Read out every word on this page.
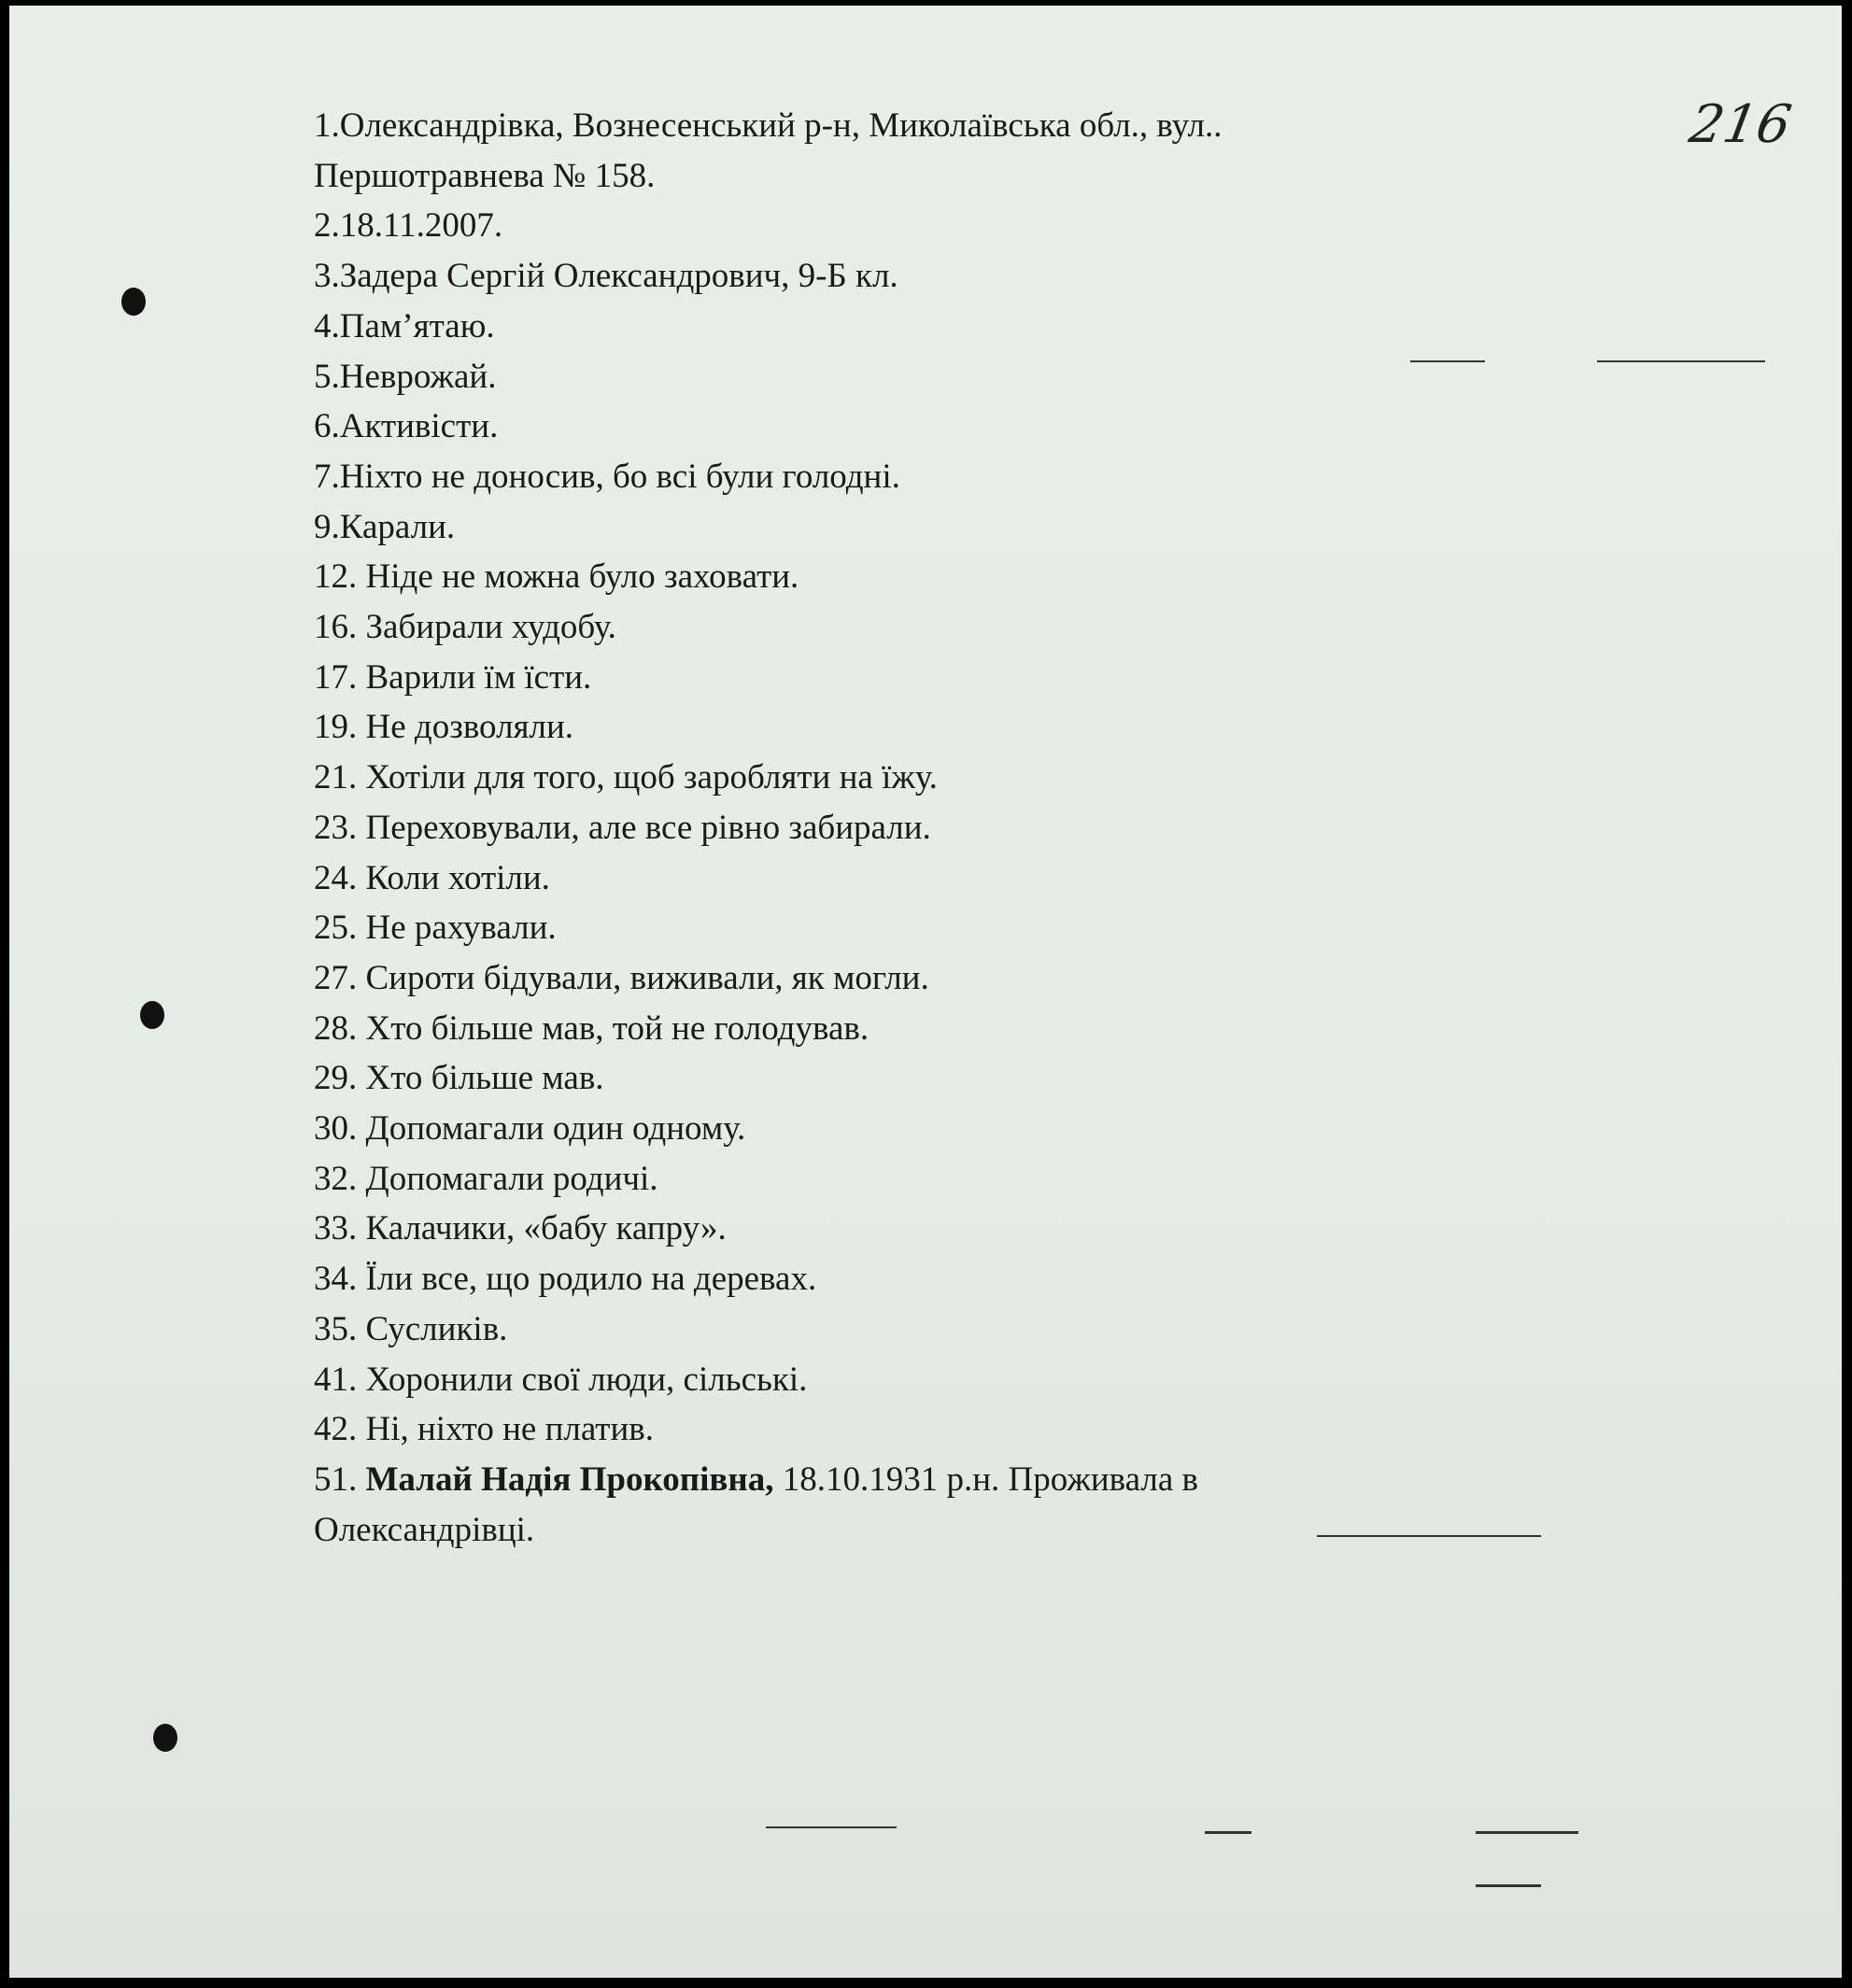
216
1.Олександрівка, Вознесенський р-н, Миколаївська обл., вул..
Першотравнева № 158.
2.18.11.2007.
3.Задера Сергій Олександрович, 9-Б кл.
4.Пам’ятаю.
5.Неврожай.
6.Активісти.
7.Ніхто не доносив, бо всі були голодні.
9.Карали.
12. Ніде не можна було заховати.
16. Забирали худобу.
17. Варили їм їсти.
19. Не дозволяли.
21. Хотіли для того, щоб заробляти на їжу.
23. Переховували, але все рівно забирали.
24. Коли хотіли.
25. Не рахували.
27. Сироти бідували, виживали, як могли.
28. Хто більше мав, той не голодував.
29. Хто більше мав.
30. Допомагали один одному.
32. Допомагали родичі.
33. Калачики, «бабу капру».
34. Їли все, що родило на деревах.
35. Сусликів.
41. Хоронили свої люди, сільські.
42. Ні, ніхто не платив.
51. Малай Надія Прокопівна, 18.10.1931 р.н. Проживала в
Олександрівці.
